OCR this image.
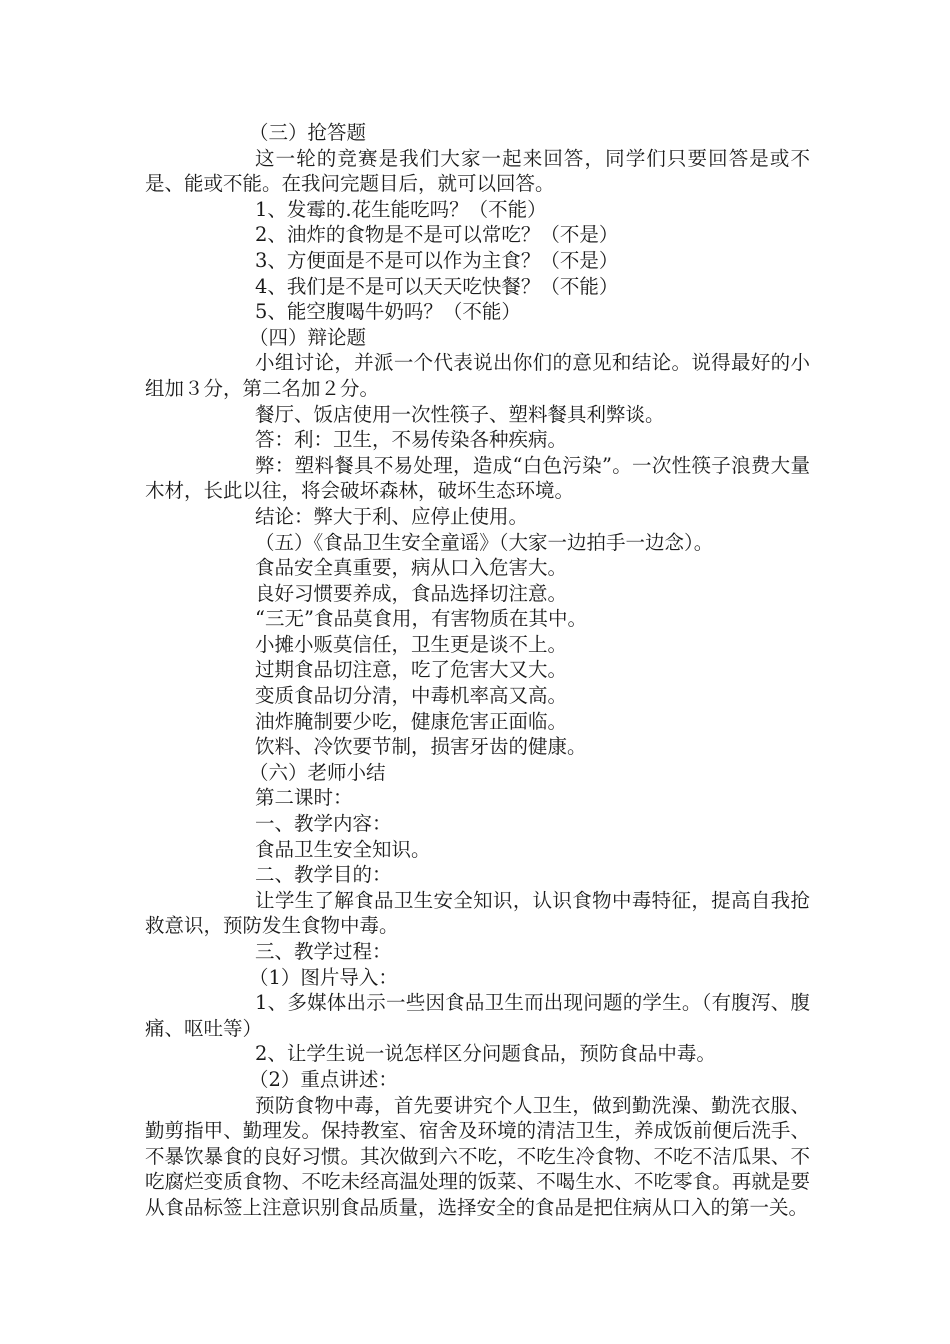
（三）抢答题
这一轮的竞赛是我们大家一起来回答，同学们只要回答是或不是、能或不能。在我问完题目后，就可以回答。
1、发霉的.花生能吃吗？（不能）
2、油炸的食物是不是可以常吃？（不是）
3、方便面是不是可以作为主食？（不是）
4、我们是不是可以天天吃快餐？（不能）
5、能空腹喝牛奶吗？（不能）
（四）辩论题
小组讨论，并派一个代表说出你们的意见和结论。说得最好的小组加３分，第二名加２分。
餐厅、饭店使用一次性筷子、塑料餐具利弊谈。
答：利：卫生，不易传染各种疾病。
弊：塑料餐具不易处理，造成“白色污染”。一次性筷子浪费大量木材，长此以往，将会破坏森林，破坏生态环境。
结论：弊大于利、应停止使用。
（五）《食品卫生安全童谣》（大家一边拍手一边念）。
食品安全真重要，病从口入危害大。
良好习惯要养成，食品选择切注意。
“三无”食品莫食用，有害物质在其中。
小摊小贩莫信任，卫生更是谈不上。
过期食品切注意，吃了危害大又大。
变质食品切分清，中毒机率高又高。
油炸腌制要少吃，健康危害正面临。
饮料、冷饮要节制，损害牙齿的健康。
（六）老师小结
第二课时：
一、教学内容：
食品卫生安全知识。
二、教学目的：
让学生了解食品卫生安全知识，认识食物中毒特征，提高自我抢救意识，预防发生食物中毒。
三、教学过程：
（1）图片导入：
1、多媒体出示一些因食品卫生而出现问题的学生。（有腹泻、腹痛、呕吐等）
2、让学生说一说怎样区分问题食品，预防食品中毒。
（2）重点讲述：
预防食物中毒，首先要讲究个人卫生，做到勤洗澡、勤洗衣服、勤剪指甲、勤理发。保持教室、宿舍及环境的清洁卫生，养成饭前便后洗手、不暴饮暴食的良好习惯。其次做到六不吃，不吃生冷食物、不吃不洁瓜果、不吃腐烂变质食物、不吃未经高温处理的饭菜、不喝生水、不吃零食。再就是要从食品标签上注意识别食品质量，选择安全的食品是把住病从口入的第一关。
